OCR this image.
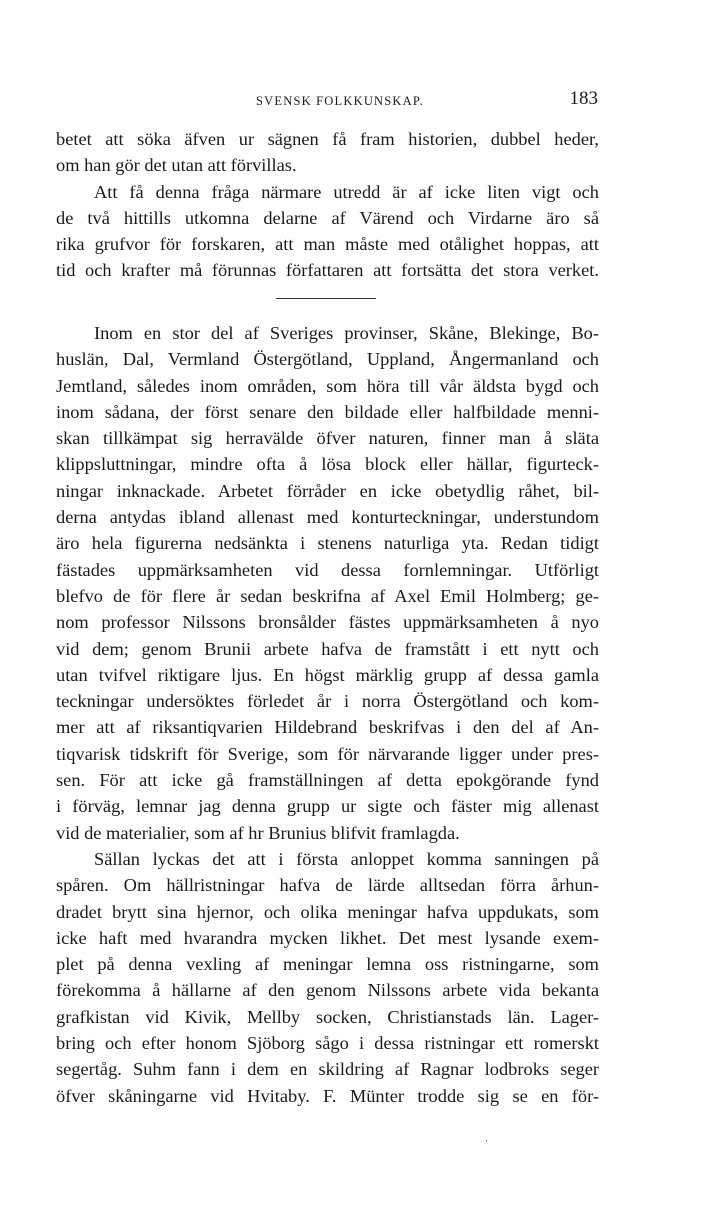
SVENSK FOLKKUNSKAP.	183
betet att söka äfven ur sägnen få fram historien, dubbel heder,
om han gör det utan att förvillas.
Att få denna fråga närmare utredd är af icke liten vigt och
de två hittills utkomna delarne af Värend och Virdarne äro så
rika grufvor för forskaren, att man måste med otålighet hoppas, att
tid och krafter må förunnas författaren att fortsätta det stora verket.
Inom en stor del af Sveriges provinser, Skåne, Blekinge, Bo-
huslän, Dal, Vermland Östergötland, Uppland, Ångermanland och
Jemtland, således inom områden, som höra till vår äldsta bygd och
inom sådana, der först senare den bildade eller halfbildade menni-
skan tillkämpat sig herravälde öfver naturen, finner man å släta
klippsluttningar, mindre ofta å lösa block eller hällar, figurteck-
ningar inknackade. Arbetet förråder en icke obetydlig råhet, bil-
derna antydas ibland allenast med konturteckningar, understundom
äro hela figurerna nedsänkta i stenens naturliga yta. Redan tidigt
fästades uppmärksamheten vid dessa fornlemningar. Utförligt
blefvo de för flere år sedan beskrifna af Axel Emil Holmberg; ge-
nom professor Nilssons bronsålder fästes uppmärksamheten å nyo
vid dem; genom Brunii arbete hafva de framstått i ett nytt och
utan tvifvel riktigare ljus. En högst märklig grupp af dessa gamla
teckningar undersöktes förledet år i norra Östergötland och kom-
mer att af riksantiqvarien Hildebrand beskrifvas i den del af An-
tiqvarisk tidskrift för Sverige, som för närvarande ligger under pres-
sen. För att icke gå framställningen af detta epokgörande fynd
i förväg, lemnar jag denna grupp ur sigte och fäster mig allenast
vid de materialier, som af hr Brunius blifvit framlagda.
Sällan lyckas det att i första anloppet komma sanningen på
spåren. Om hällristningar hafva de lärde alltsedan förra århun-
dradet brytt sina hjernor, och olika meningar hafva uppdukats, som
icke haft med hvarandra mycken likhet. Det mest lysande exem-
plet på denna vexling af meningar lemna oss ristningarne, som
förekomma å hällarne af den genom Nilssons arbete vida bekanta
grafkistan vid Kivik, Mellby socken, Christianstads län. Lager-
bring och efter honom Sjöborg sågo i dessa ristningar ett romerskt
segertåg. Suhm fann i dem en skildring af Ragnar lodbroks seger
öfver skåningarne vid Hvitaby. F. Münter trodde sig se en för-
